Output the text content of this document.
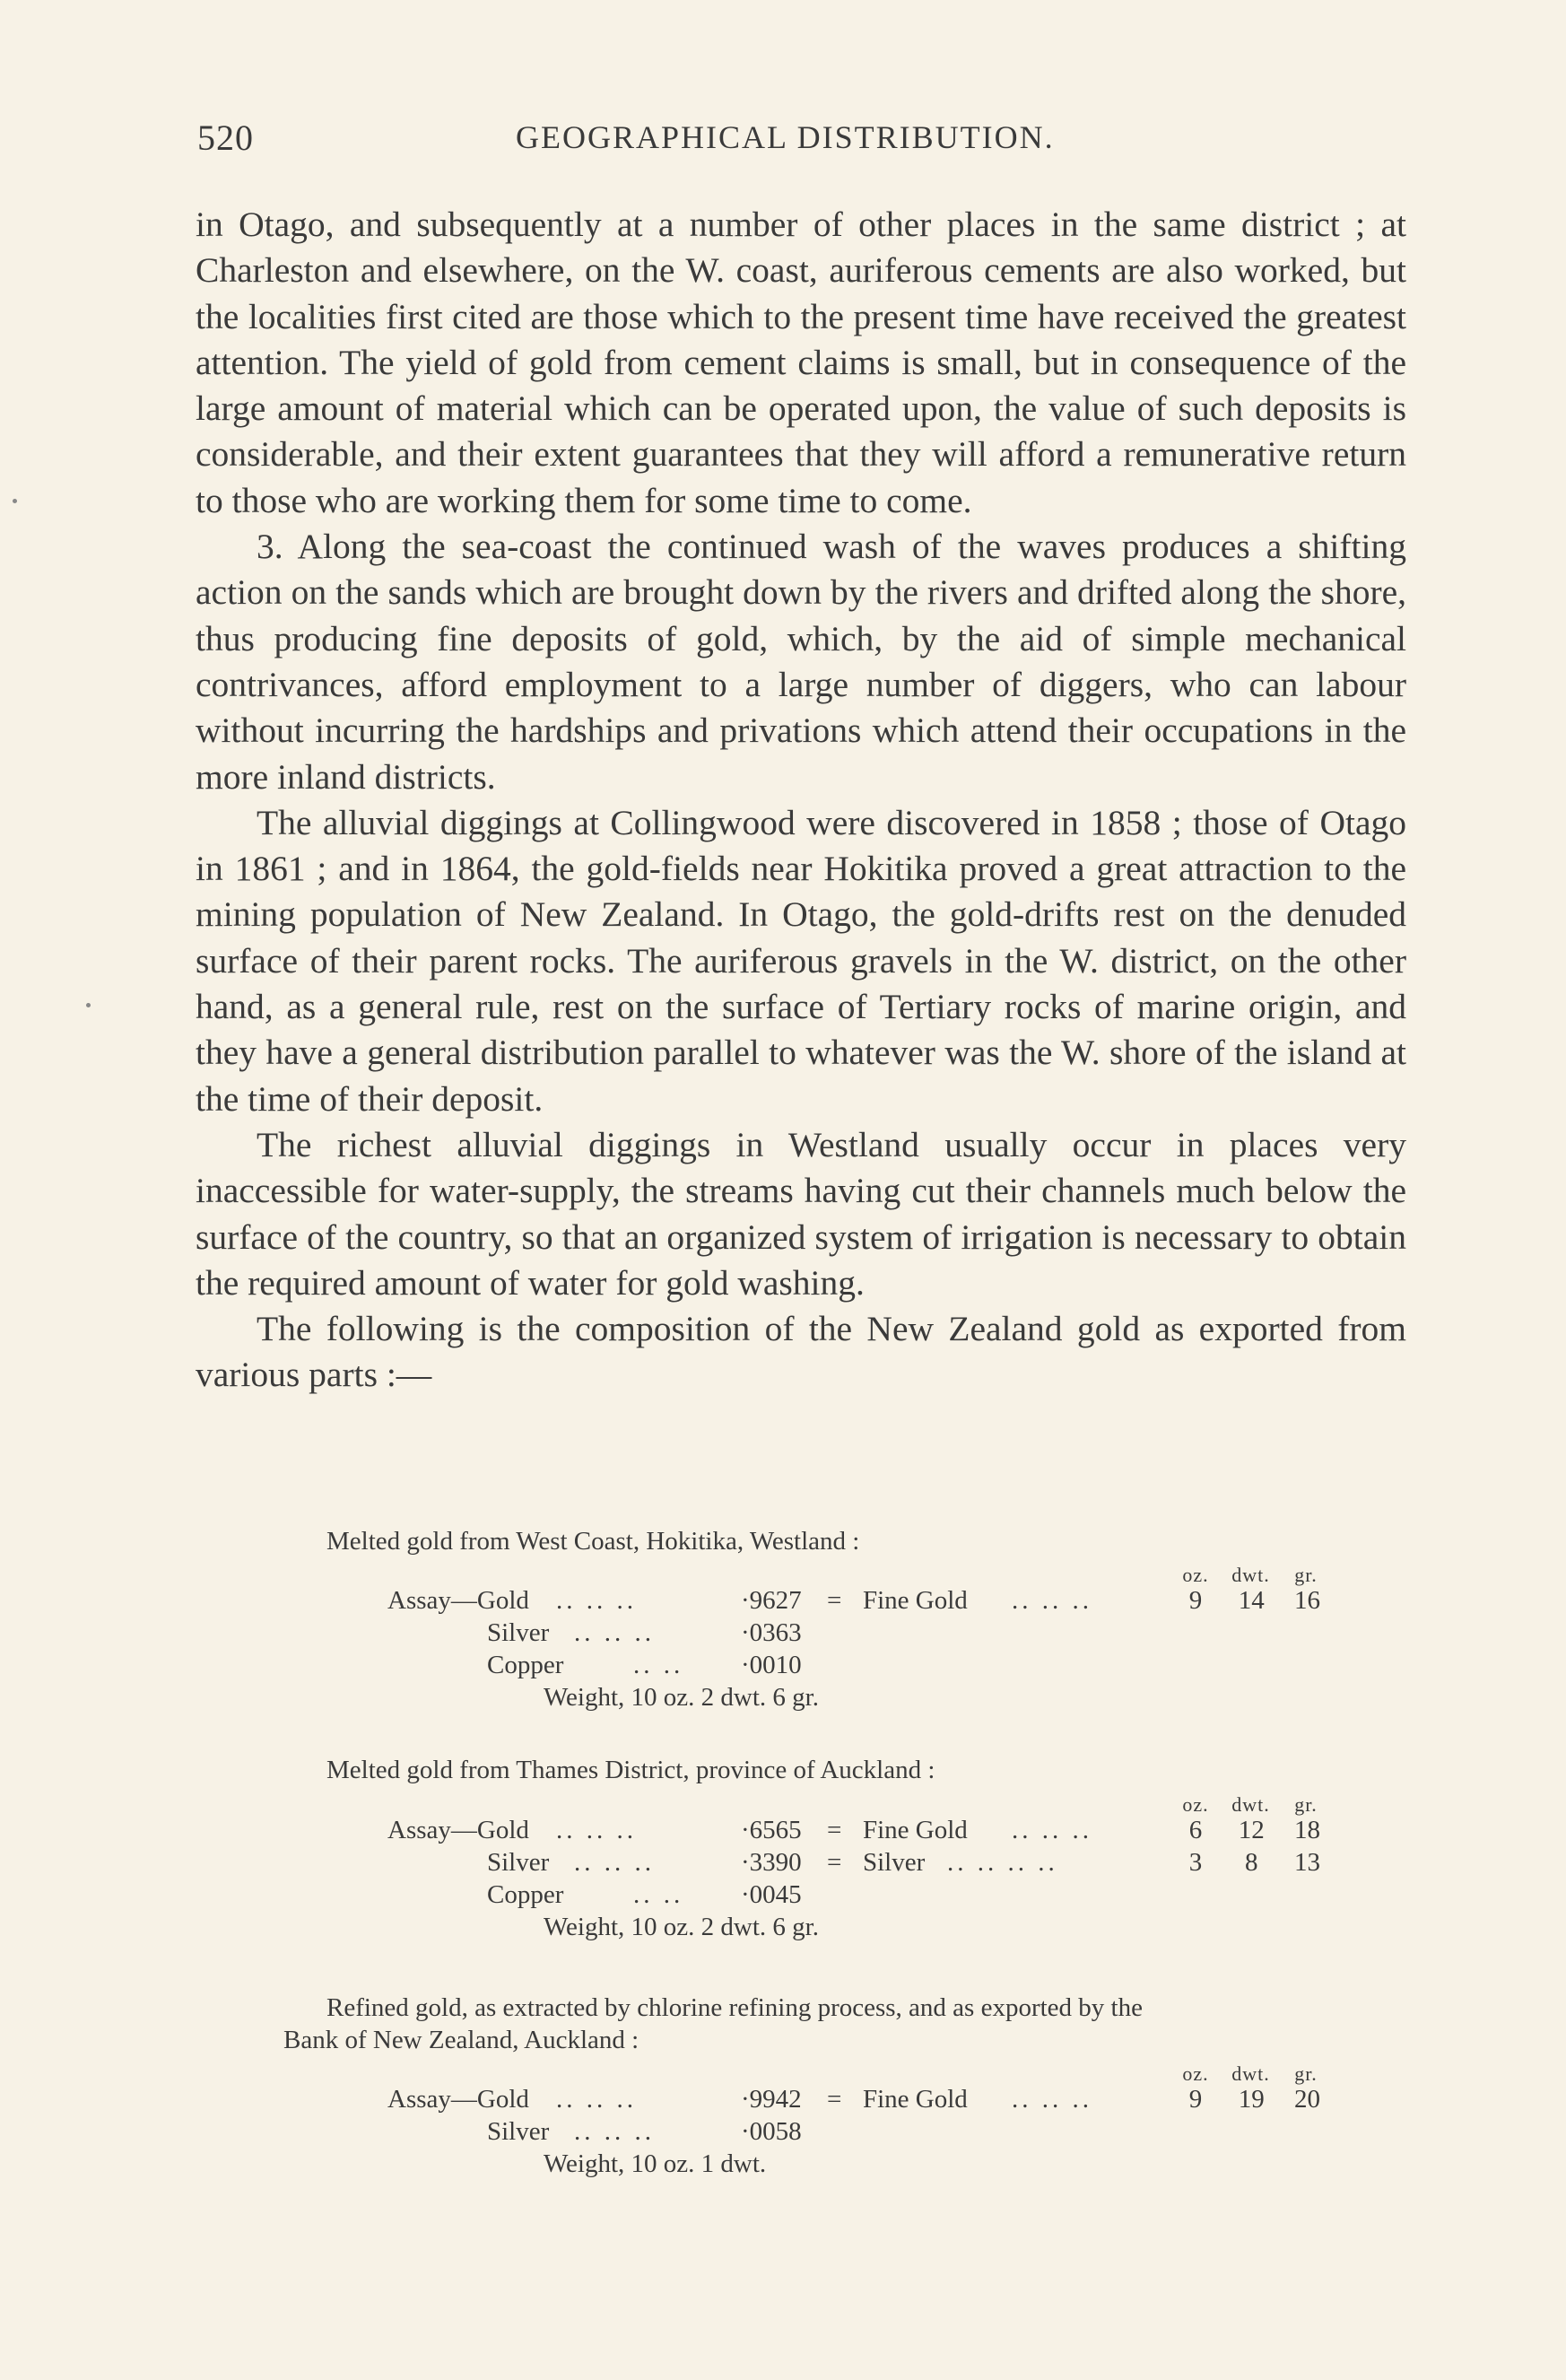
520	GEOGRAPHICAL DISTRIBUTION.

in Otago, and subsequently at a number of other places in the same district ; at Charleston and elsewhere, on the W. coast, auriferous cements are also worked, but the localities first cited are those which to the present time have received the greatest attention. The yield of gold from cement claims is small, but in consequence of the large amount of material which can be operated upon, the value of such deposits is considerable, and their extent guarantees that they will afford a remunerative return to those who are working them for some time to come.

3. Along the sea-coast the continued wash of the waves produces a shifting action on the sands which are brought down by the rivers and drifted along the shore, thus producing fine deposits of gold, which, by the aid of simple mechanical contrivances, afford employment to a large number of diggers, who can labour without incurring the hardships and privations which attend their occupations in the more inland districts.

The alluvial diggings at Collingwood were discovered in 1858 ; those of Otago in 1861 ; and in 1864, the gold-fields near Hokitika proved a great attraction to the mining population of New Zealand. In Otago, the gold-drifts rest on the denuded surface of their parent rocks. The auriferous gravels in the W. district, on the other hand, as a general rule, rest on the surface of Tertiary rocks of marine origin, and they have a general distribution parallel to whatever was the W. shore of the island at the time of their deposit.

The richest alluvial diggings in Westland usually occur in places very inaccessible for water-supply, the streams having cut their channels much below the surface of the country, so that an organized system of irrigation is necessary to obtain the required amount of water for gold washing.

The following is the composition of the New Zealand gold as exported from various parts :—

Melted gold from West Coast, Hokitika, Westland :
oz. dwt. gr.
Assay—Gold .. .. ..	·9627 = Fine Gold .. .. ..	9 14 16
Silver .. .. ..	·0363
Copper	.. .. ·0010
Weight, 10 oz. 2 dwt. 6 gr.
Melted gold from Thames District, province of Auckland :
oz. dwt. gr.
Assay—Gold .. .. ..	·6565 = Fine Gold .. .. ..	6 12 18
Silver .. .. ..	·3390 = Silver .. .. .. ..	3 8 13
Copper	.. .. ·0045
Weight, 10 oz. 2 dwt. 6 gr.
Refined gold, as extracted by chlorine refining process, and as exported by the
Bank of New Zealand, Auckland :
oz. dwt. gr.
Assay—Gold .. .. ..	·9942 = Fine Gold .. .. ..	9 19 20
Silver .. .. ..	·0058
Weight, 10 oz. 1 dwt.
